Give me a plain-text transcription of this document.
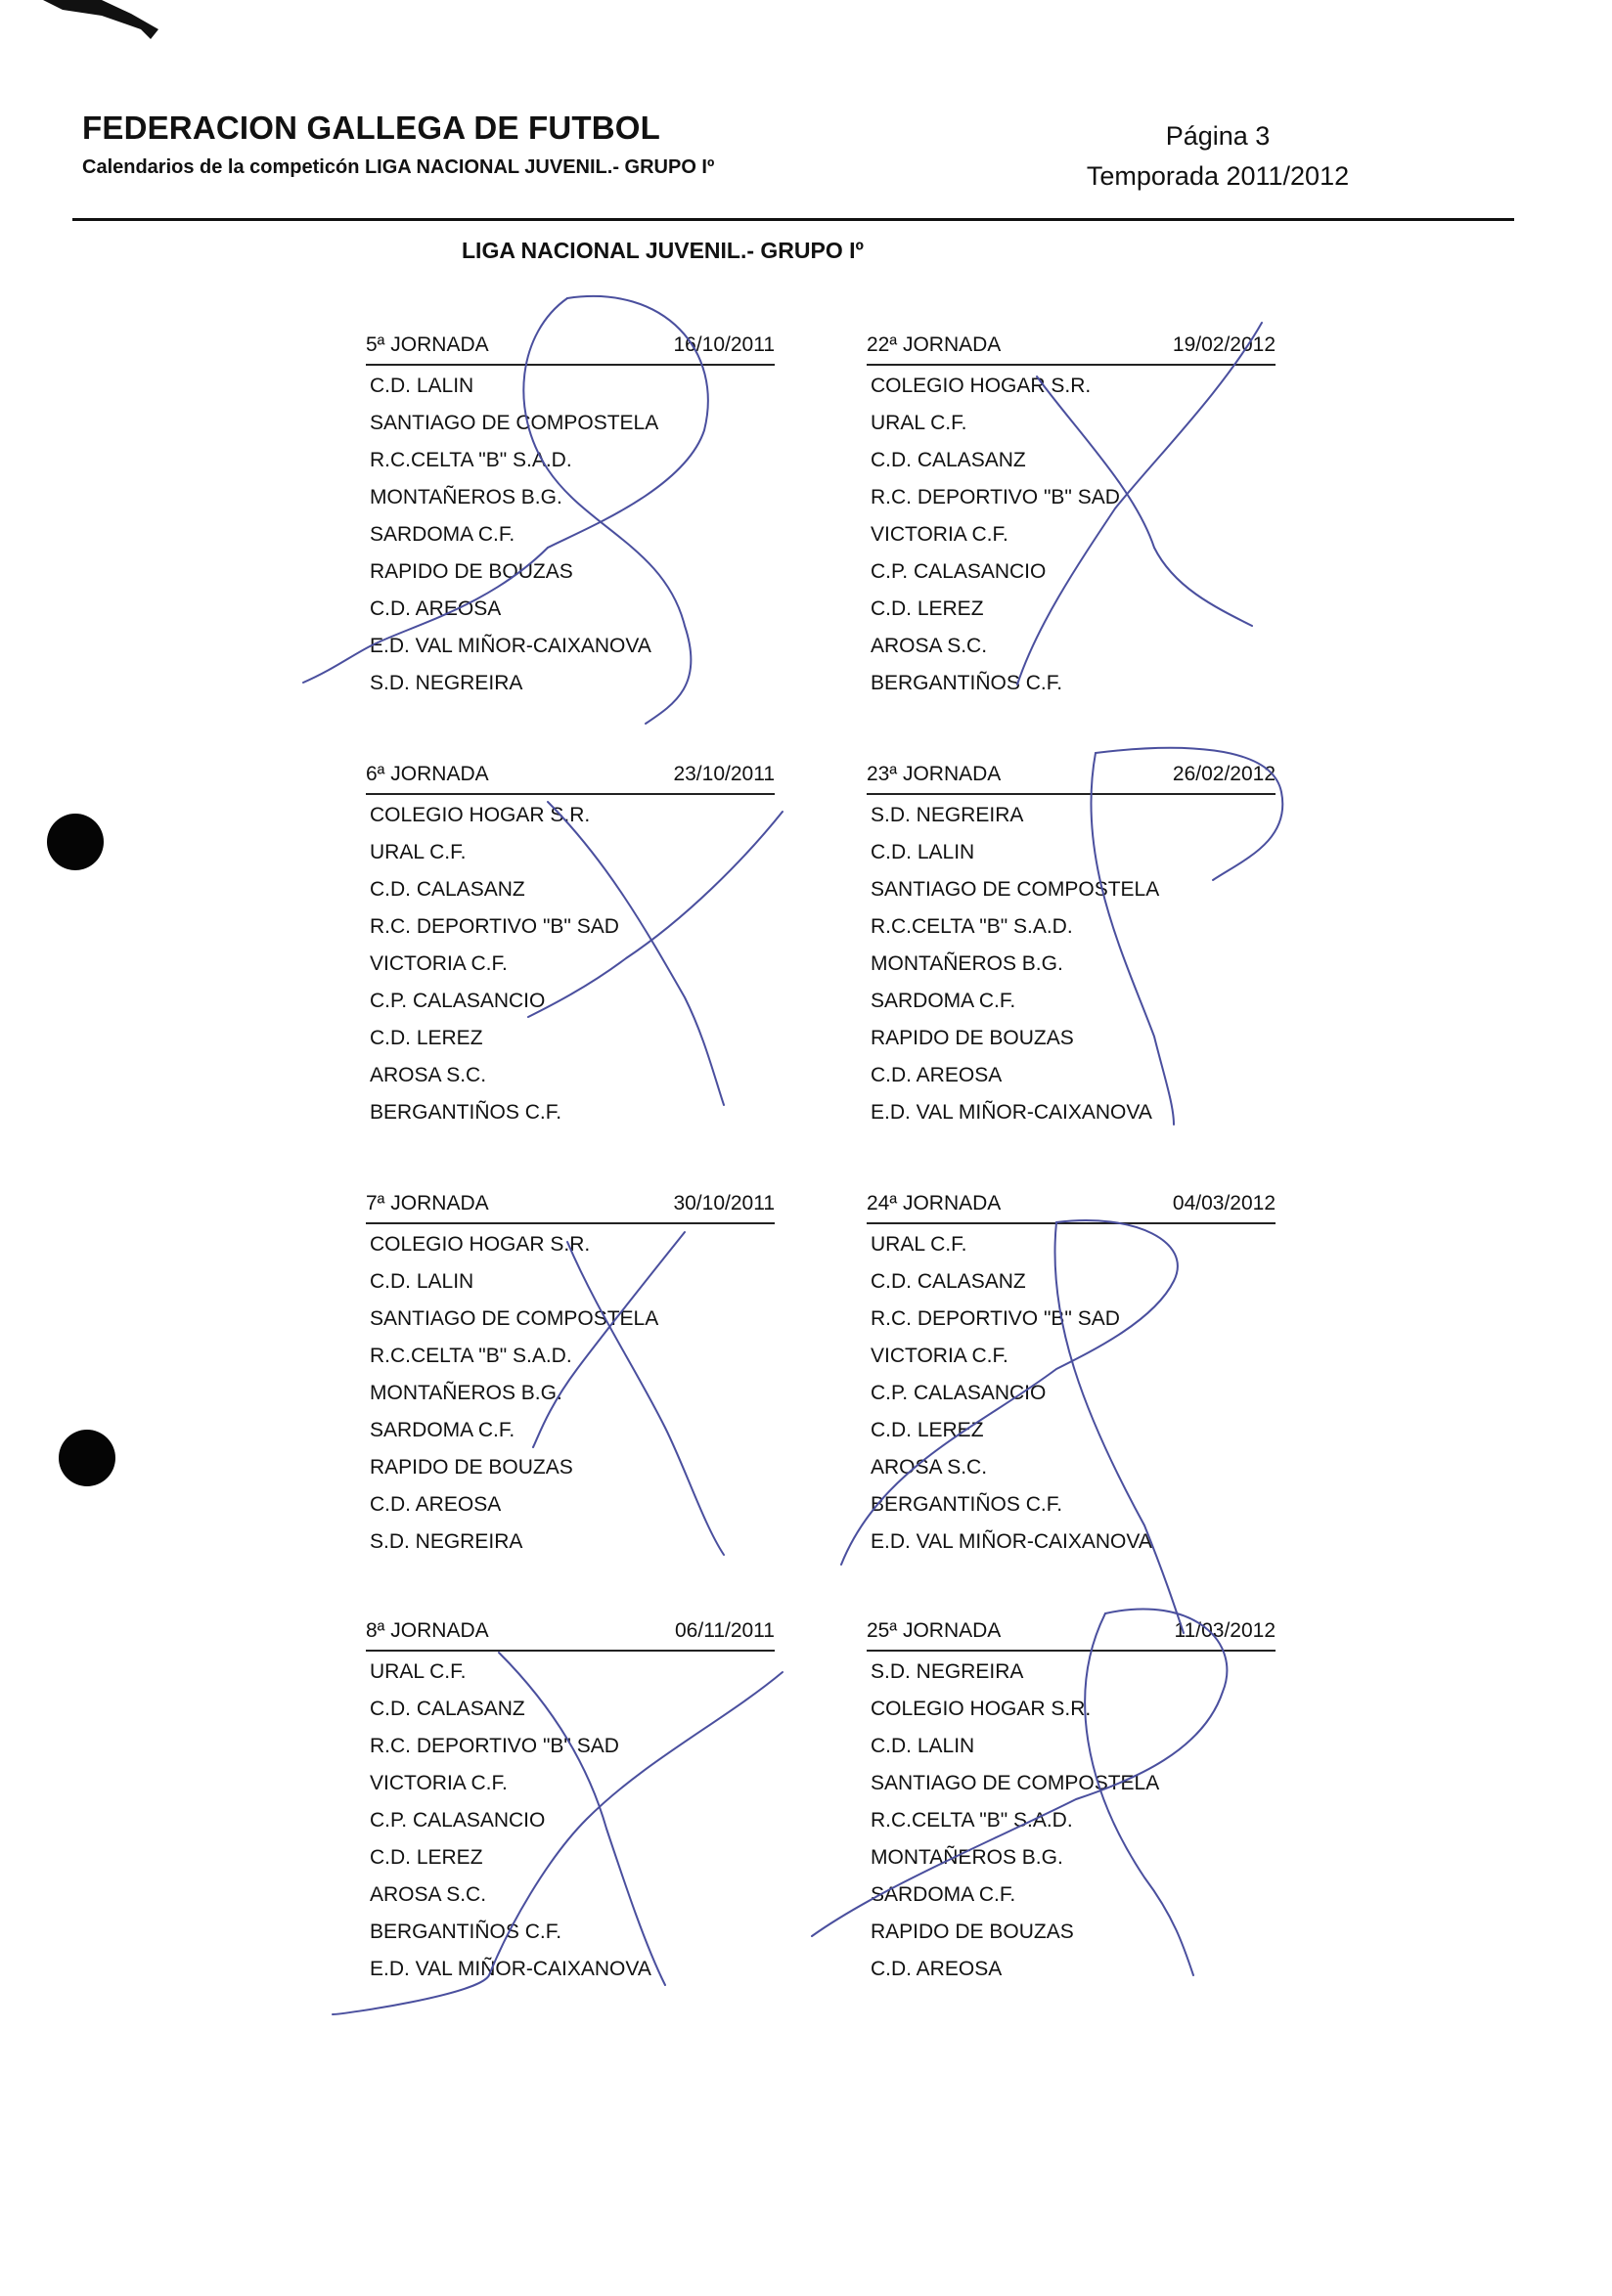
FEDERACION GALLEGA DE FUTBOL
Calendarios de la competicón LIGA NACIONAL JUVENIL.- GRUPO Iº
Página 3
Temporada 2011/2012
LIGA NACIONAL JUVENIL.- GRUPO Iº
5ª JORNADA	16/10/2011
C.D. LALIN
SANTIAGO DE COMPOSTELA
R.C.CELTA "B" S.A.D.
MONTAÑEROS B.G.
SARDOMA C.F.
RAPIDO DE BOUZAS
C.D. AREOSA
E.D. VAL MIÑOR-CAIXANOVA
S.D. NEGREIRA
22ª JORNADA	19/02/2012
COLEGIO HOGAR S.R.
URAL C.F.
C.D. CALASANZ
R.C. DEPORTIVO "B" SAD
VICTORIA C.F.
C.P. CALASANCIO
C.D. LEREZ
AROSA S.C.
BERGANTIÑOS C.F.
6ª JORNADA	23/10/2011
COLEGIO HOGAR S.R.
URAL C.F.
C.D. CALASANZ
R.C. DEPORTIVO "B" SAD
VICTORIA C.F.
C.P. CALASANCIO
C.D. LEREZ
AROSA S.C.
BERGANTIÑOS C.F.
23ª JORNADA	26/02/2012
S.D. NEGREIRA
C.D. LALIN
SANTIAGO DE COMPOSTELA
R.C.CELTA "B" S.A.D.
MONTAÑEROS B.G.
SARDOMA C.F.
RAPIDO DE BOUZAS
C.D. AREOSA
E.D. VAL MIÑOR-CAIXANOVA
7ª JORNADA	30/10/2011
COLEGIO HOGAR S.R.
C.D. LALIN
SANTIAGO DE COMPOSTELA
R.C.CELTA "B" S.A.D.
MONTAÑEROS B.G.
SARDOMA C.F.
RAPIDO DE BOUZAS
C.D. AREOSA
S.D. NEGREIRA
24ª JORNADA	04/03/2012
URAL C.F.
C.D. CALASANZ
R.C. DEPORTIVO "B" SAD
VICTORIA C.F.
C.P. CALASANCIO
C.D. LEREZ
AROSA S.C.
BERGANTIÑOS C.F.
E.D. VAL MIÑOR-CAIXANOVA
8ª JORNADA	06/11/2011
URAL C.F.
C.D. CALASANZ
R.C. DEPORTIVO "B" SAD
VICTORIA C.F.
C.P. CALASANCIO
C.D. LEREZ
AROSA S.C.
BERGANTIÑOS C.F.
E.D. VAL MIÑOR-CAIXANOVA
25ª JORNADA	11/03/2012
S.D. NEGREIRA
COLEGIO HOGAR S.R.
C.D. LALIN
SANTIAGO DE COMPOSTELA
R.C.CELTA "B" S.A.D.
MONTAÑEROS B.G.
SARDOMA C.F.
RAPIDO DE BOUZAS
C.D. AREOSA
